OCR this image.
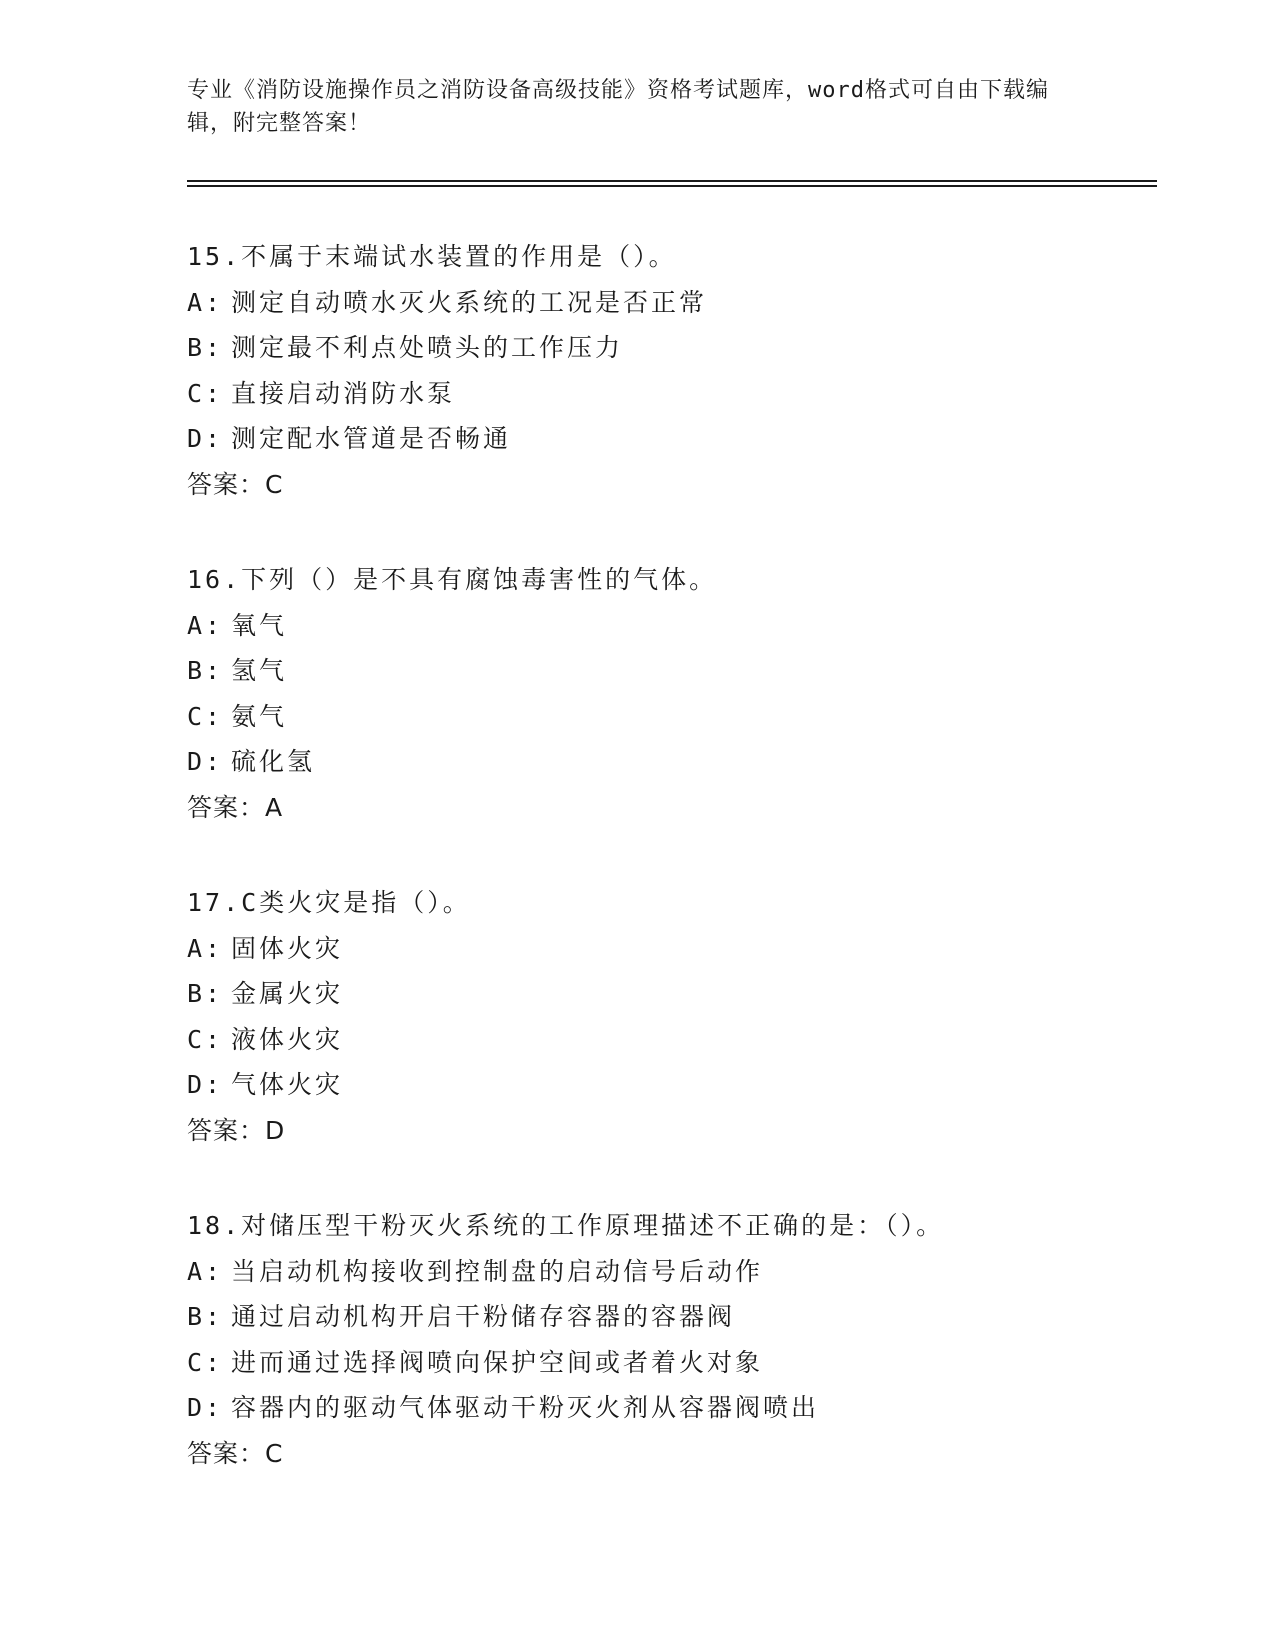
专业《消防设施操作员之消防设备高级技能》资格考试题库，word格式可自由下载编辑，附完整答案！

15.不属于末端试水装置的作用是（）。
A: 测定自动喷水灭火系统的工况是否正常
B: 测定最不利点处喷头的工作压力
C: 直接启动消防水泵
D: 测定配水管道是否畅通
答案：C
16.下列（）是不具有腐蚀毒害性的气体。
A: 氧气
B: 氢气
C: 氨气
D: 硫化氢
答案：A
17.C类火灾是指（）。
A: 固体火灾
B: 金属火灾
C: 液体火灾
D: 气体火灾
答案：D
18.对储压型干粉灭火系统的工作原理描述不正确的是：（）。
A: 当启动机构接收到控制盘的启动信号后动作
B: 通过启动机构开启干粉储存容器的容器阀
C: 进而通过选择阀喷向保护空间或者着火对象
D: 容器内的驱动气体驱动干粉灭火剂从容器阀喷出
答案：C
